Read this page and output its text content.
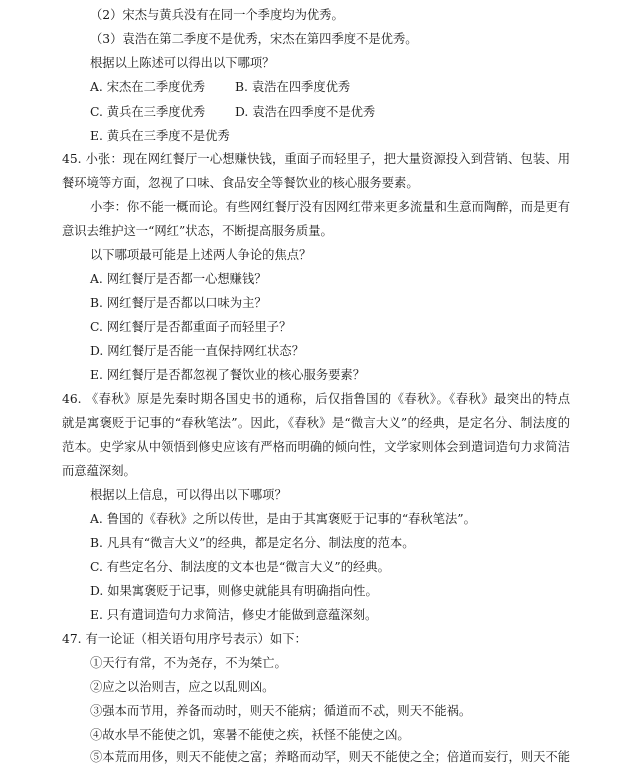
（2）宋杰与黄兵没有在同一个季度均为优秀。
（3）袁浩在第二季度不是优秀，宋杰在第四季度不是优秀。
根据以上陈述可以得出以下哪项？
A. 宋杰在二季度优秀 B. 袁浩在四季度优秀
C. 黄兵在三季度优秀 D. 袁浩在四季度不是优秀
E. 黄兵在三季度不是优秀
45. 小张：现在网红餐厅一心想赚快钱，重面子而轻里子，把大量资源投入到营销、包装、用
餐环境等方面，忽视了口味、食品安全等餐饮业的核心服务要素。
小李：你不能一概而论。有些网红餐厅没有因网红带来更多流量和生意而陶醉，而是更有
意识去维护这一“网红”状态，不断提高服务质量。
以下哪项最可能是上述两人争论的焦点？
A. 网红餐厅是否都一心想赚钱？
B. 网红餐厅是否都以口味为主？
C. 网红餐厅是否都重面子而轻里子？
D. 网红餐厅是否能一直保持网红状态？
E. 网红餐厅是否都忽视了餐饮业的核心服务要素？
46. 《春秋》原是先秦时期各国史书的通称，后仅指鲁国的《春秋》。《春秋》最突出的特点
就是寓褒贬于记事的“春秋笔法”。因此，《春秋》是“微言大义”的经典，是定名分、制法度的
范本。史学家从中领悟到修史应该有严格而明确的倾向性，文学家则体会到遣词造句力求简洁
而意蕴深刻。
根据以上信息，可以得出以下哪项？
A. 鲁国的《春秋》之所以传世，是由于其寓褒贬于记事的“春秋笔法”。
B. 凡具有“微言大义”的经典，都是定名分、制法度的范本。
C. 有些定名分、制法度的文本也是“微言大义”的经典。
D. 如果寓褒贬于记事，则修史就能具有明确指向性。
E. 只有遣词造句力求简洁，修史才能做到意蕴深刻。
47. 有一论证（相关语句用序号表示）如下：
①天行有常，不为尧存，不为桀亡。
②应之以治则吉，应之以乱则凶。
③强本而节用，养备而动时，则天不能病；循道而不忒，则天不能祸。
④故水旱不能使之饥，寒暑不能使之疾，袄怪不能使之凶。
⑤本荒而用侈，则天不能使之富；养略而动罕，则天不能使之全；倍道而妄行，则天不能
